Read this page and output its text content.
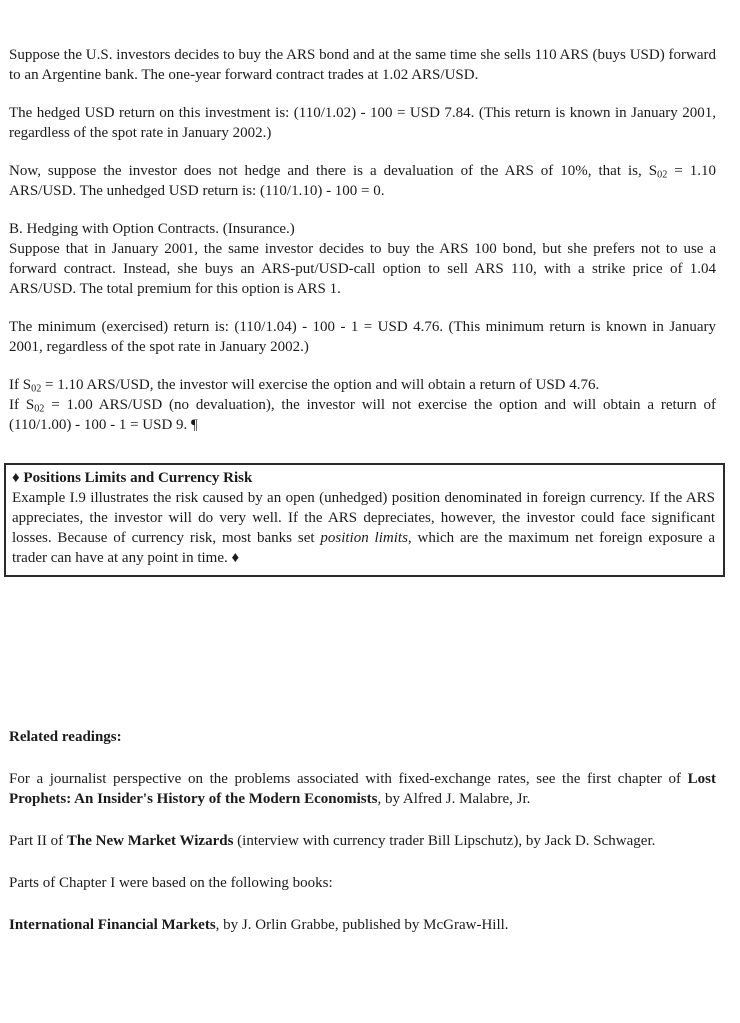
Suppose the U.S. investors decides to buy the ARS bond and at the same time she sells 110 ARS (buys USD) forward to an Argentine bank. The one-year forward contract trades at 1.02 ARS/USD.

The hedged USD return on this investment is: (110/1.02) - 100 = USD 7.84. (This return is known in January 2001, regardless of the spot rate in January 2002.)

Now, suppose the investor does not hedge and there is a devaluation of the ARS of 10%, that is, $S_{02} = 1.10$ ARS/USD. The unhedged USD return is: (110/1.10) - 100 = 0.

B. Hedging with Option Contracts. (Insurance.)
Suppose that in January 2001, the same investor decides to buy the ARS 100 bond, but she prefers not to use a forward contract. Instead, she buys an ARS-put/USD-call option to sell ARS 110, with a strike price of 1.04 ARS/USD. The total premium for this option is ARS 1.

The minimum (exercised) return is: (110/1.04) - 100 - 1 = USD 4.76. (This minimum return is known in January 2001, regardless of the spot rate in January 2002.)

If $S_{02} = 1.10$ ARS/USD, the investor will exercise the option and will obtain a return of USD 4.76.
If $S_{02} = 1.00$ ARS/USD (no devaluation), the investor will not exercise the option and will obtain a return of (110/1.00) - 100 - 1 = USD 9. ¶

♦ Positions Limits and Currency Risk

Example I.9 illustrates the risk caused by an open (unhedged) position denominated in foreign currency. If the ARS appreciates, the investor will do very well. If the ARS depreciates, however, the investor could face significant losses. Because of currency risk, most banks set position limits, which are the maximum net foreign exposure a trader can have at any point in time. ♦

Related readings:

For a journalist perspective on the problems associated with fixed-exchange rates, see the first chapter of Lost Prophets: An Insider's History of the Modern Economists, by Alfred J. Malabre, Jr.

Part II of The New Market Wizards (interview with currency trader Bill Lipschutz), by Jack D. Schwager.

Parts of Chapter I were based on the following books:

International Financial Markets, by J. Orlin Grabbe, published by McGraw-Hill.
